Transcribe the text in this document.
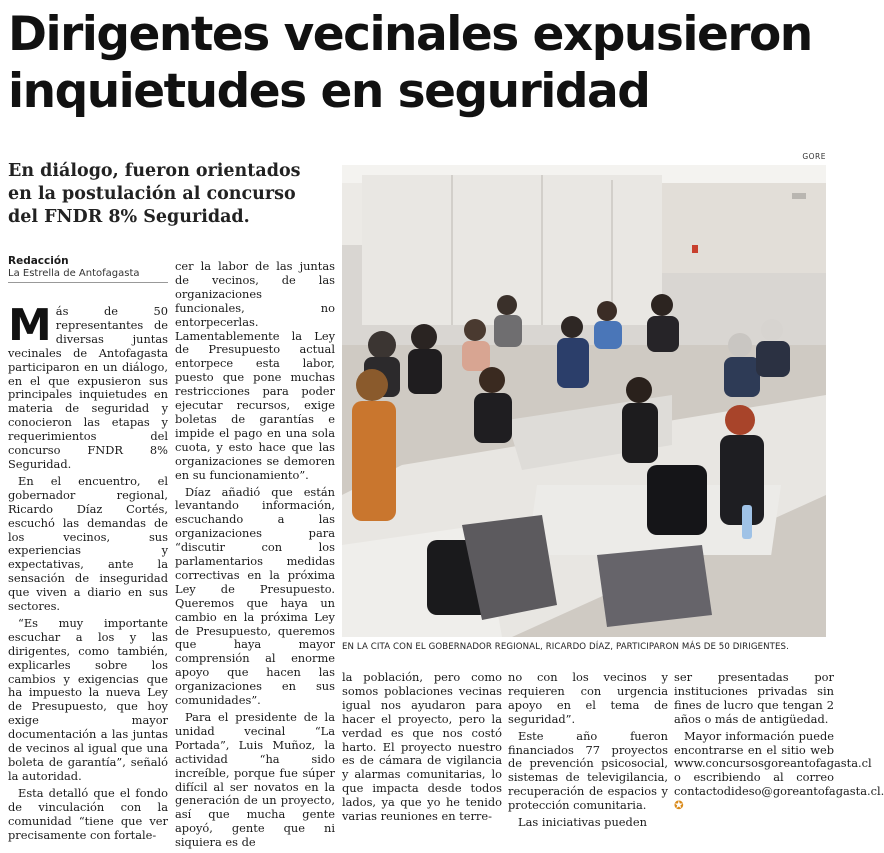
Dirigentes vecinales expusieron
inquietudes en seguridad
En diálogo, fueron orientados en la postulación al concurso del FNDR 8% Seguridad.
Redacción
La Estrella de Antofagasta

Más de 50 representantes de diversas juntas vecinales de Antofagasta participaron en un diálogo, en el que expusieron sus principales inquietudes en materia de seguridad y conocieron las etapas y requerimientos del concurso FNDR 8% Seguridad.

En el encuentro, el gobernador regional, Ricardo Díaz Cortés, escuchó las demandas de los vecinos, sus experiencias y expectativas, ante la sensación de inseguridad que viven a diario en sus sectores.

“Es muy importante escuchar a los y las dirigentes, como también, explicarles sobre los cambios y exigencias que ha impuesto la nueva Ley de Presupuesto, que hoy exige mayor documentación a las juntas de vecinos al igual que una boleta de garantía”, señaló la autoridad.

Esta detalló que el fondo de vinculación con la comunidad “tiene que ver precisamente con fortale-

cer la labor de las juntas de vecinos, de las organizaciones funcionales, no entorpecerlas. Lamentablemente la Ley de Presupuesto actual entorpece esta labor, puesto que pone muchas restricciones para poder ejecutar recursos, exige boletas de garantías e impide el pago en una sola cuota, y esto hace que las organizaciones se demoren en su funcionamiento”.

Díaz añadió que están levantando información, escuchando a las organizaciones para “discutir con los parlamentarios medidas correctivas en la próxima Ley de Presupuesto. Queremos que haya un cambio en la próxima Ley de Presupuesto, queremos que haya mayor comprensión al enorme apoyo que hacen las organizaciones en sus comunidades”.

Para el presidente de la unidad vecinal “La Portada”, Luis Muñoz, la actividad “ha sido increíble, porque fue súper difícil al ser novatos en la generación de un proyecto, así que mucha gente apoyó, gente que ni siquiera es de

GORE
EN LA CITA CON EL GOBERNADOR REGIONAL, RICARDO DÍAZ, PARTICIPARON MÁS DE 50 DIRIGENTES.

la población, pero como somos poblaciones vecinas igual nos ayudaron para hacer el proyecto, pero la verdad es que nos costó harto. El proyecto nuestro es de cámara de vigilancia y alarmas comunitarias, lo que impacta desde todos lados, ya que yo he tenido varias reuniones en terre-

no con los vecinos y requieren con urgencia apoyo en el tema de seguridad”.

Este año fueron financiados 77 proyectos de prevención psicosocial, sistemas de televigilancia, recuperación de espacios y protección comunitaria.

Las iniciativas pueden

ser presentadas por instituciones privadas sin fines de lucro que tengan 2 años o más de antigüedad.

Mayor información puede encontrarse en el sitio web www.concursosgoreantofagasta.cl o escribiendo al correo contactodideso@goreantofagasta.cl. ✪
